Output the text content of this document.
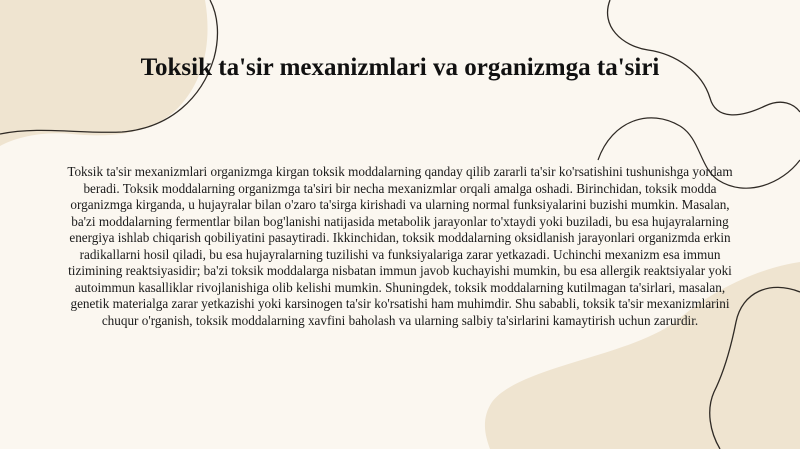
Toksik ta'sir mexanizmlari va organizmga ta'siri

Toksik ta'sir mexanizmlari organizmga kirgan toksik moddalarning qanday qilib zararli ta'sir ko'rsatishini tushunishga yordam beradi. Toksik moddalarning organizmga ta'siri bir necha mexanizmlar orqali amalga oshadi. Birinchidan, toksik modda organizmga kirganda, u hujayralar bilan o'zaro ta'sirga kirishadi va ularning normal funksiyalarini buzishi mumkin. Masalan, ba'zi moddalarning fermentlar bilan bog'lanishi natijasida metabolik jarayonlar to'xtaydi yoki buziladi, bu esa hujayralarning energiya ishlab chiqarish qobiliyatini pasaytiradi. Ikkinchidan, toksik moddalarning oksidlanish jarayonlari organizmda erkin radikallarni hosil qiladi, bu esa hujayralarning tuzilishi va funksiyalariga zarar yetkazadi. Uchinchi mexanizm esa immun tizimining reaktsiyasidir; ba'zi toksik moddalarga nisbatan immun javob kuchayishi mumkin, bu esa allergik reaktsiyalar yoki autoimmun kasalliklar rivojlanishiga olib kelishi mumkin. Shuningdek, toksik moddalarning kutilmagan ta'sirlari, masalan, genetik materialga zarar yetkazishi yoki karsinogen ta'sir ko'rsatishi ham muhimdir. Shu sababli, toksik ta'sir mexanizmlarini chuqur o'rganish, toksik moddalarning xavfini baholash va ularning salbiy ta'sirlarini kamaytirish uchun zarurdir.
